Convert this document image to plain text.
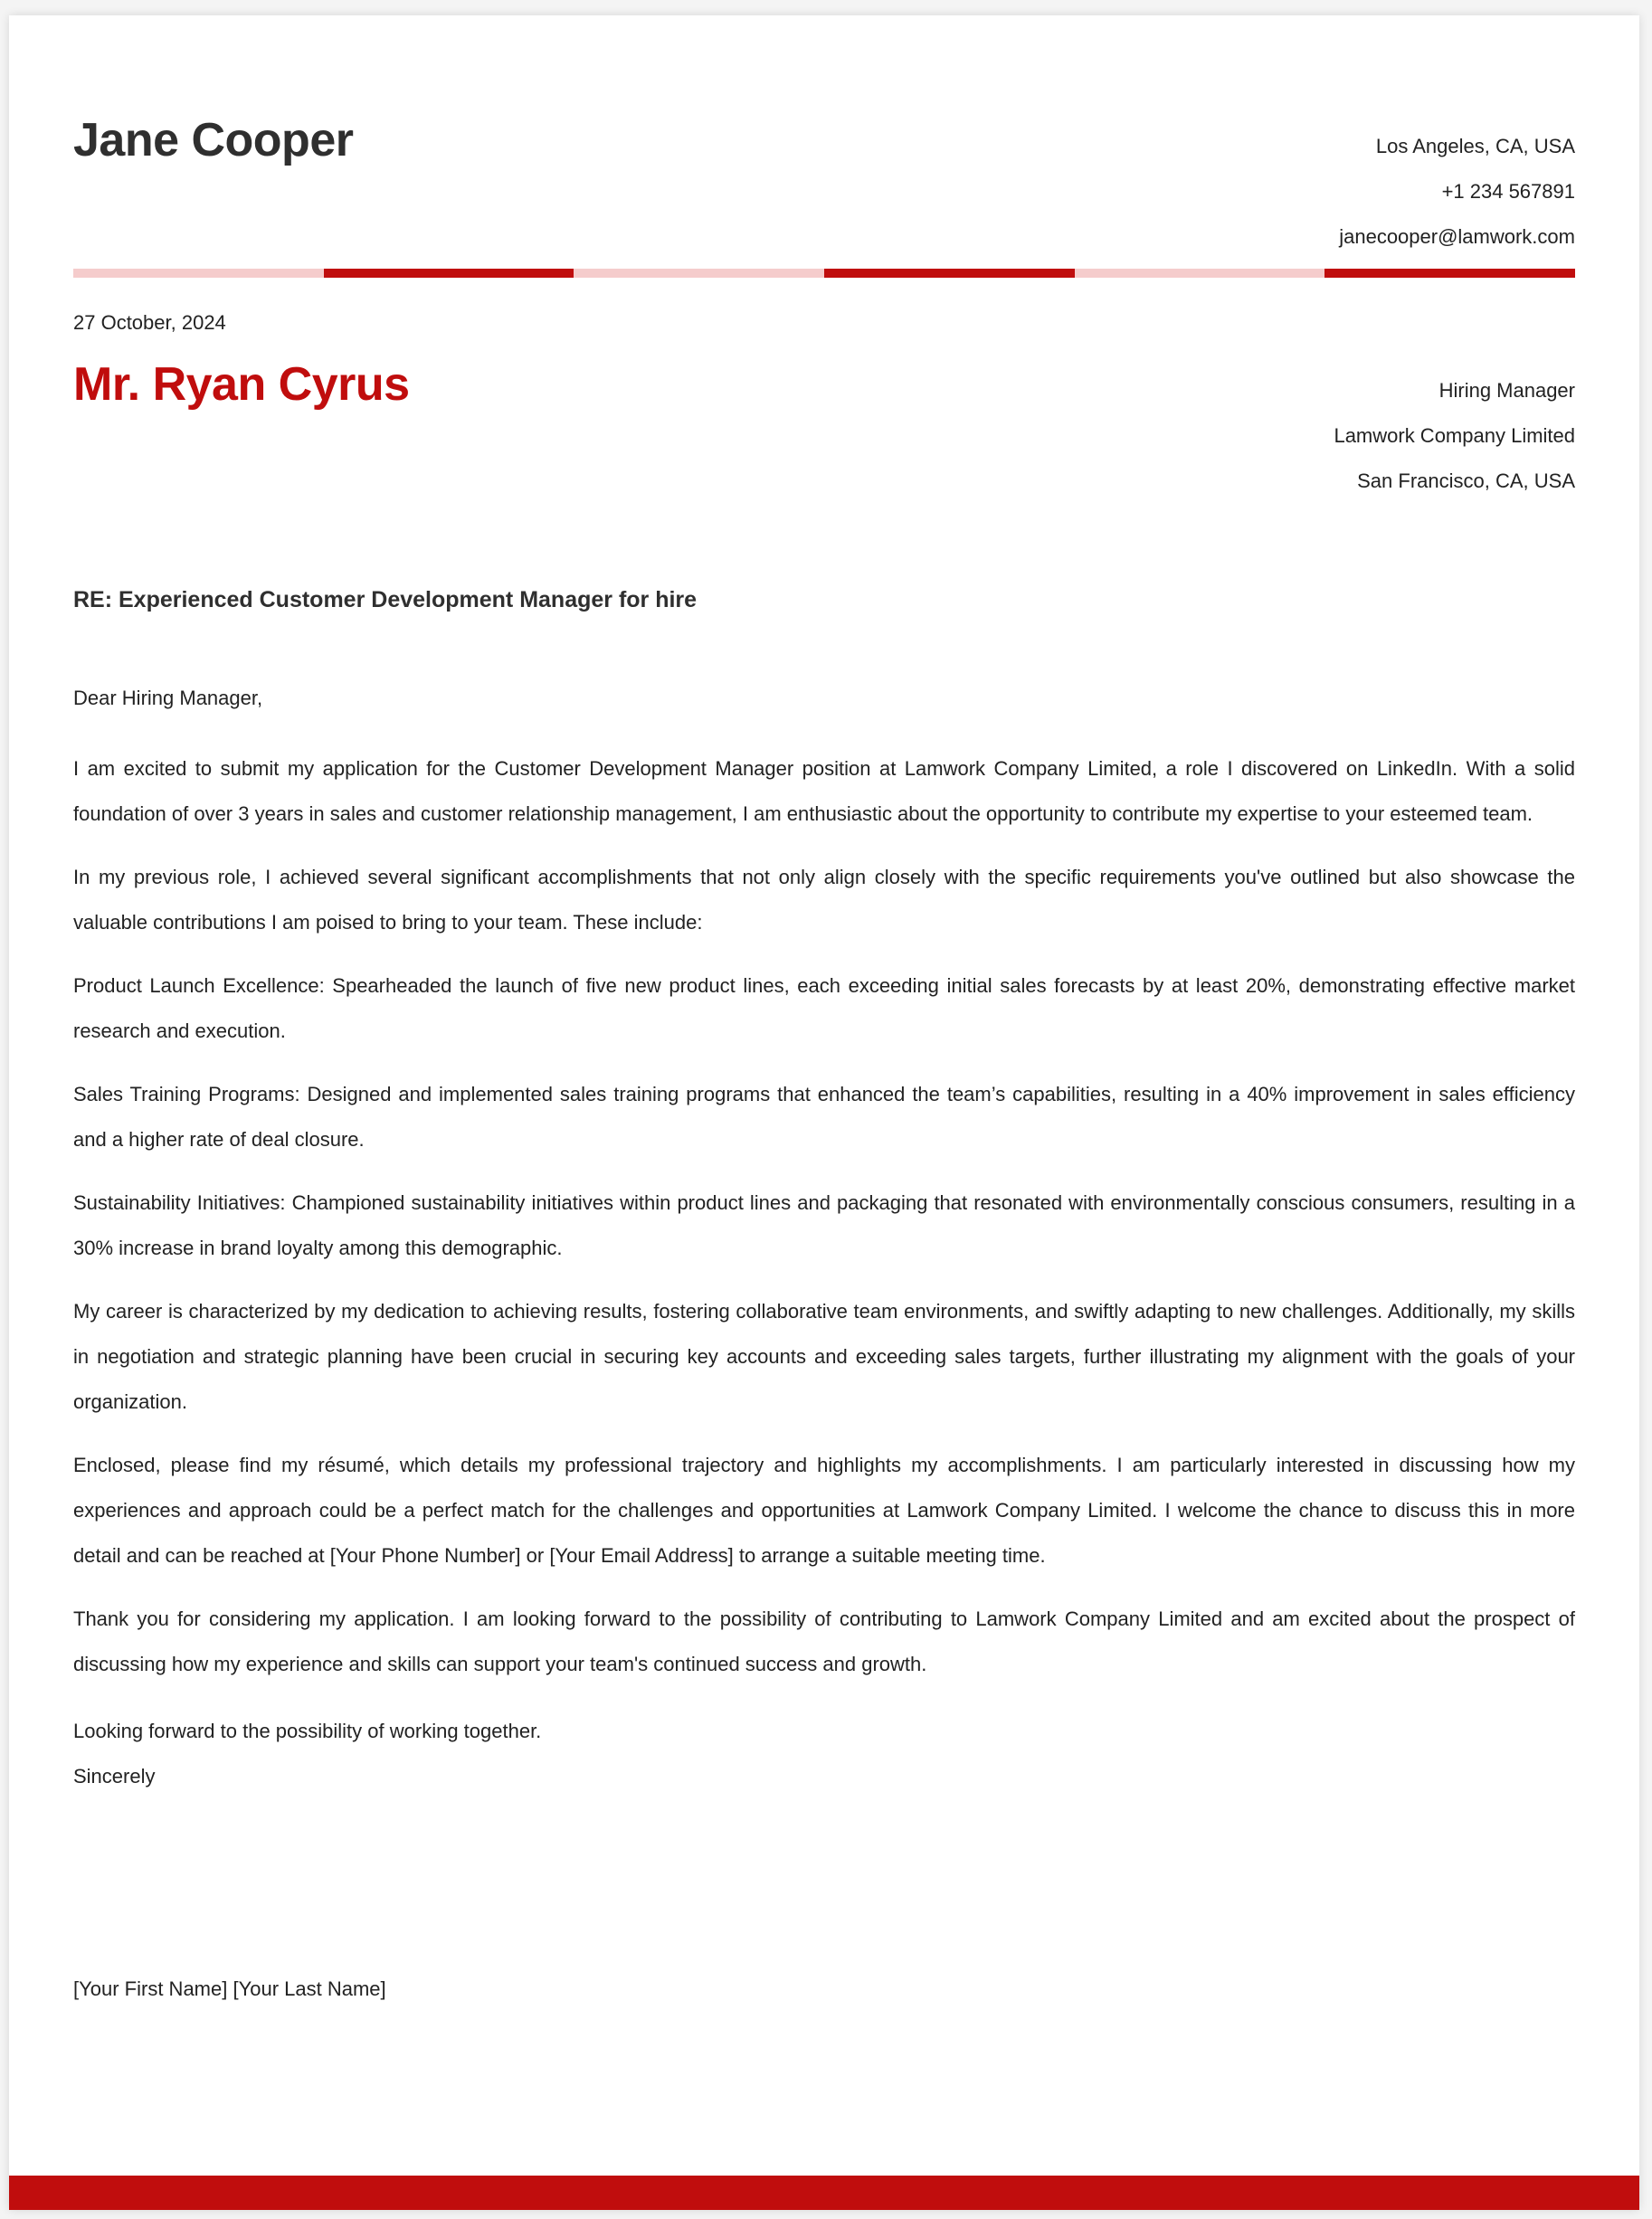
Jane Cooper	Los Angeles, CA, USA
+1 234 567891
janecooper@lamwork.com
27 October, 2024
Mr. Ryan Cyrus	Hiring Manager
Lamwork Company Limited
San Francisco, CA, USA
RE: Experienced Customer Development Manager for hire
Dear Hiring Manager,

I am excited to submit my application for the Customer Development Manager position at Lamwork Company Limited, a role I discovered on LinkedIn. With a solid foundation of over 3 years in sales and customer relationship management, I am enthusiastic about the opportunity to contribute my expertise to your esteemed team.

In my previous role, I achieved several significant accomplishments that not only align closely with the specific requirements you've outlined but also showcase the valuable contributions I am poised to bring to your team. These include:

Product Launch Excellence: Spearheaded the launch of five new product lines, each exceeding initial sales forecasts by at least 20%, demonstrating effective market research and execution.

Sales Training Programs: Designed and implemented sales training programs that enhanced the team’s capabilities, resulting in a 40% improvement in sales efficiency and a higher rate of deal closure.

Sustainability Initiatives: Championed sustainability initiatives within product lines and packaging that resonated with environmentally conscious consumers, resulting in a 30% increase in brand loyalty among this demographic.

My career is characterized by my dedication to achieving results, fostering collaborative team environments, and swiftly adapting to new challenges. Additionally, my skills in negotiation and strategic planning have been crucial in securing key accounts and exceeding sales targets, further illustrating my alignment with the goals of your organization.

Enclosed, please find my résumé, which details my professional trajectory and highlights my accomplishments. I am particularly interested in discussing how my experiences and approach could be a perfect match for the challenges and opportunities at Lamwork Company Limited. I welcome the chance to discuss this in more detail and can be reached at [Your Phone Number] or [Your Email Address] to arrange a suitable meeting time.

Thank you for considering my application. I am looking forward to the possibility of contributing to Lamwork Company Limited and am excited about the prospect of discussing how my experience and skills can support your team's continued success and growth.

Looking forward to the possibility of working together.
Sincerely
[Your First Name] [Your Last Name]
